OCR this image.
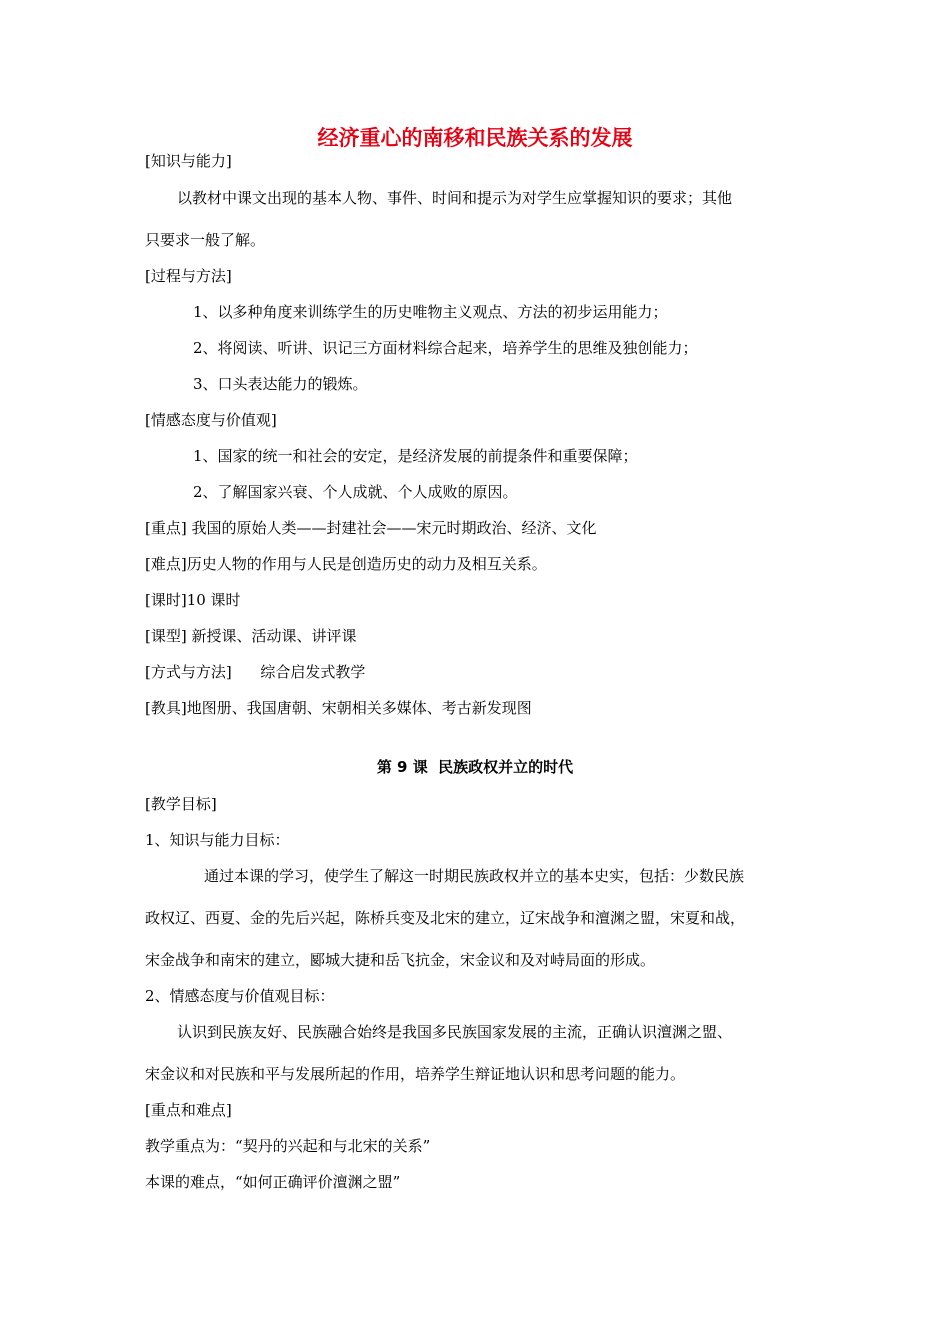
经济重心的南移和民族关系的发展
[知识与能力]
以教材中课文出现的基本人物、事件、时间和提示为对学生应掌握知识的要求；其他
只要求一般了解。
[过程与方法]
1、以多种角度来训练学生的历史唯物主义观点、方法的初步运用能力；
2、将阅读、听讲、识记三方面材料综合起来，培养学生的思维及独创能力；
3、口头表达能力的锻炼。
[情感态度与价值观]
1、国家的统一和社会的安定，是经济发展的前提条件和重要保障；
2、了解国家兴衰、个人成就、个人成败的原因。
[重点] 我国的原始人类——封建社会——宋元时期政治、经济、文化
[难点]历史人物的作用与人民是创造历史的动力及相互关系。
[课时]10 课时
[课型] 新授课、活动课、讲评课
[方式与方法]      综合启发式教学
[教具]地图册、我国唐朝、宋朝相关多媒体、考古新发现图
第 9 课  民族政权并立的时代
[教学目标]
1、知识与能力目标：
通过本课的学习，使学生了解这一时期民族政权并立的基本史实，包括：少数民族
政权辽、西夏、金的先后兴起，陈桥兵变及北宋的建立，辽宋战争和澶渊之盟，宋夏和战，
宋金战争和南宋的建立，郾城大捷和岳飞抗金，宋金议和及对峙局面的形成。
2、情感态度与价值观目标：
认识到民族友好、民族融合始终是我国多民族国家发展的主流，正确认识澶渊之盟、
宋金议和对民族和平与发展所起的作用，培养学生辩证地认识和思考问题的能力。
[重点和难点]
教学重点为：“契丹的兴起和与北宋的关系”
本课的难点，“如何正确评价澶渊之盟”
